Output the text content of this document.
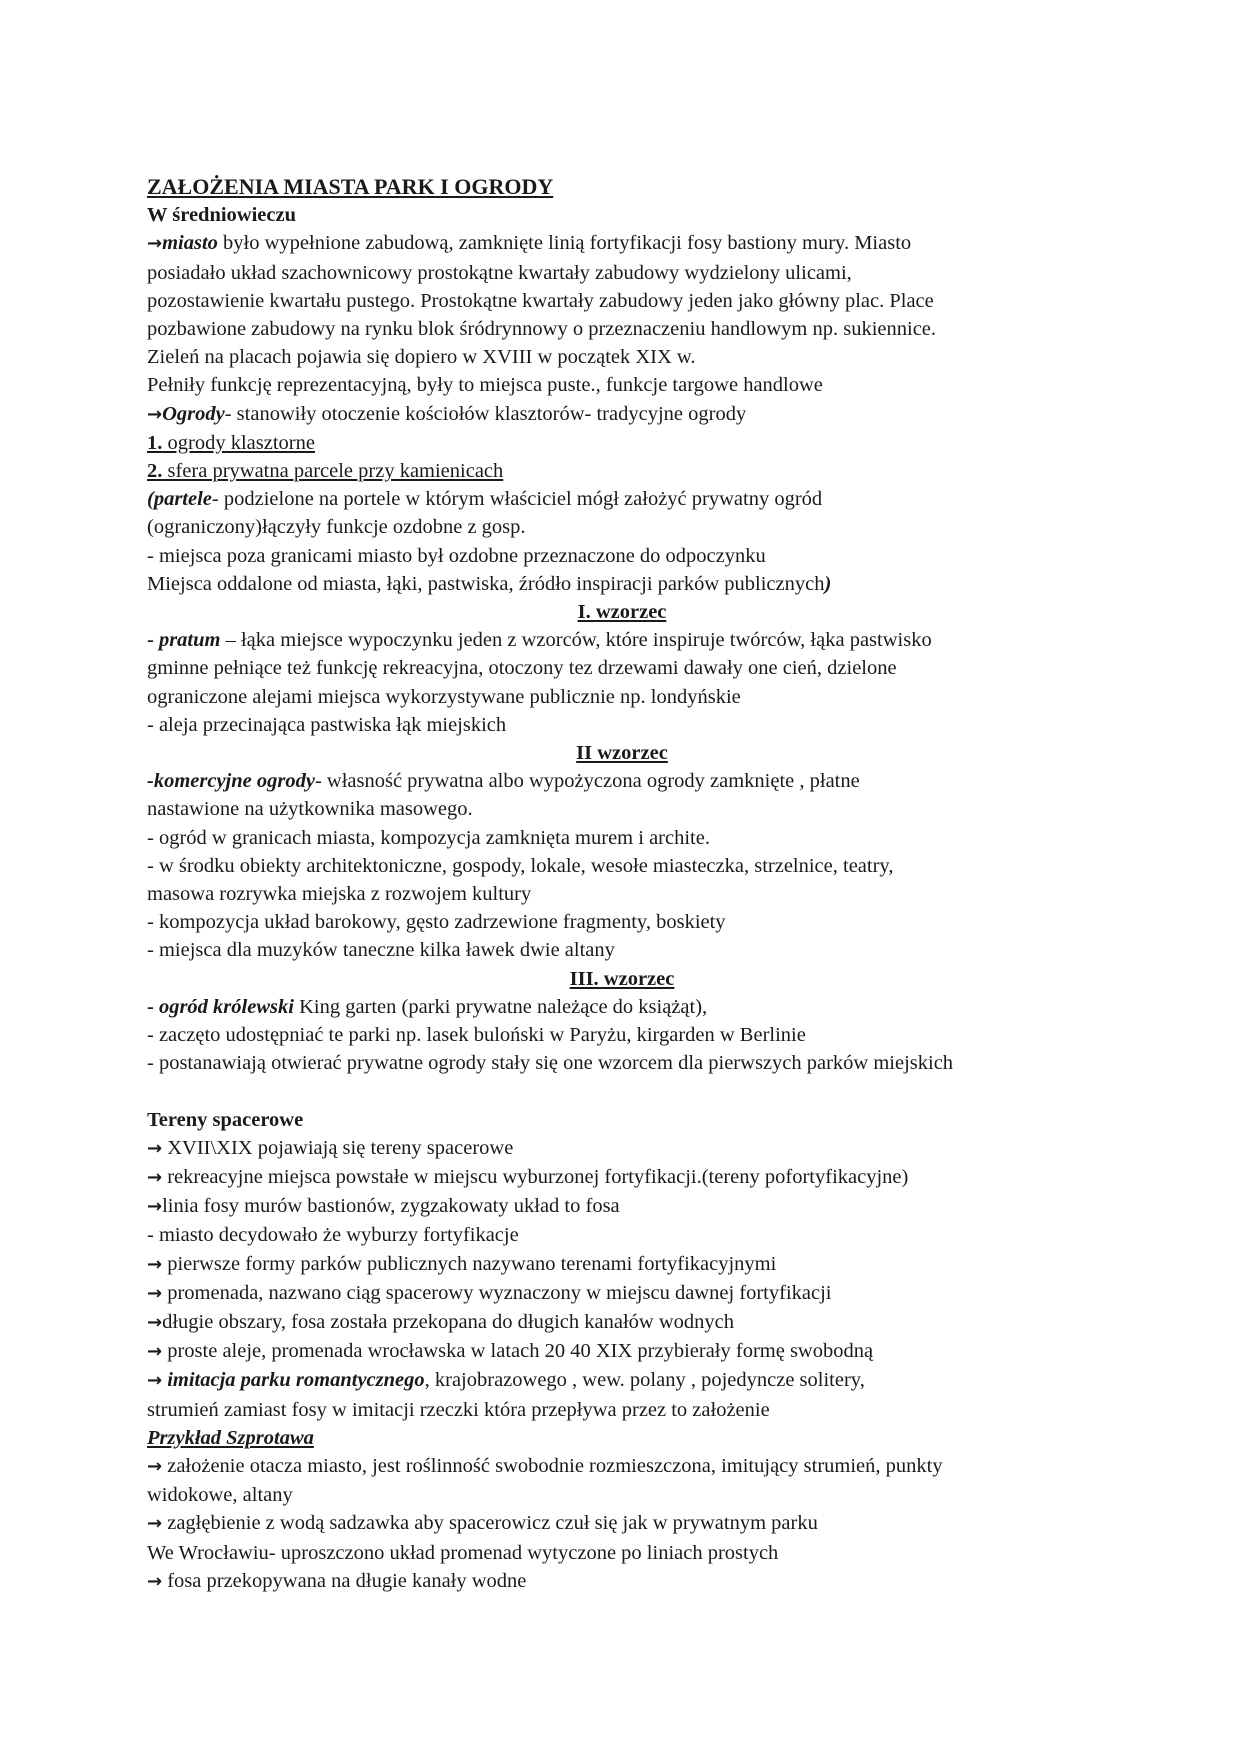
ZAŁOŻENIA MIASTA PARK I OGRODY
W średniowieczu
→miasto było wypełnione zabudową, zamknięte linią fortyfikacji fosy bastiony mury. Miasto
posiadało układ szachownicowy prostokątne kwartały zabudowy wydzielony ulicami,
pozostawienie kwartału pustego. Prostokątne kwartały zabudowy jeden jako główny plac. Place
pozbawione zabudowy na rynku blok śródrynnowy o przeznaczeniu handlowym np. sukiennice.
Zieleń na placach pojawia się dopiero w XVIII w początek XIX w.
Pełniły funkcję reprezentacyjną, były to miejsca puste., funkcje targowe handlowe
→Ogrody- stanowiły otoczenie kościołów klasztorów- tradycyjne ogrody
1. ogrody klasztorne
2. sfera prywatna parcele przy kamienicach
(partele- podzielone na portele w którym właściciel mógł założyć prywatny ogród
(ograniczony)łączyły funkcje ozdobne z gosp.
- miejsca poza granicami miasto był ozdobne przeznaczone do odpoczynku
Miejsca oddalone od miasta, łąki, pastwiska, źródło inspiracji parków publicznych)
I. wzorzec
- pratum – łąka miejsce wypoczynku jeden z wzorców, które inspiruje twórców, łąka pastwisko
gminne pełniące też funkcję rekreacyjna, otoczony tez drzewami dawały one cień, dzielone
ograniczone alejami miejsca wykorzystywane publicznie np. londyńskie
- aleja przecinająca pastwiska łąk miejskich
II wzorzec
-komercyjne ogrody- własność prywatna albo wypożyczona ogrody zamknięte , płatne
nastawione na użytkownika masowego.
- ogród w granicach miasta, kompozycja zamknięta murem i archite.
- w środku obiekty architektoniczne, gospody, lokale, wesołe miasteczka, strzelnice, teatry,
masowa rozrywka miejska z rozwojem kultury
- kompozycja układ barokowy, gęsto zadrzewione fragmenty, boskiety
- miejsca dla muzyków taneczne kilka ławek dwie altany
III. wzorzec
- ogród królewski King garten (parki prywatne należące do książąt),
- zaczęto udostępniać te parki np. lasek buloński w Paryżu, kirgarden w Berlinie
- postanawiają otwierać prywatne ogrody stały się one wzorcem dla pierwszych parków miejskich
Tereny spacerowe
→ XVII\XIX pojawiają się tereny spacerowe
→ rekreacyjne miejsca powstałe w miejscu wyburzonej fortyfikacji.(tereny pofortyfikacyjne)
→linia fosy murów bastionów, zygzakowaty układ to fosa
- miasto decydowało że wyburzy fortyfikacje
→ pierwsze formy parków publicznych nazywano terenami fortyfikacyjnymi
→ promenada, nazwano ciąg spacerowy wyznaczony w miejscu dawnej fortyfikacji
→długie obszary, fosa została przekopana do długich kanałów wodnych
→ proste aleje, promenada wrocławska w latach 20 40 XIX przybierały formę swobodną
→ imitacja parku romantycznego, krajobrazowego , wew. polany , pojedyncze solitery,
strumień zamiast fosy w imitacji rzeczki która przepływa przez to założenie
Przykład Szprotawa
→ założenie otacza miasto, jest roślinność swobodnie rozmieszczona, imitujący strumień, punkty
widokowe, altany
→ zagłębienie z wodą sadzawka aby spacerowicz czuł się jak w prywatnym parku
We Wrocławiu- uproszczono układ promenad wytyczone po liniach prostych
→ fosa przekopywana na długie kanały wodne
